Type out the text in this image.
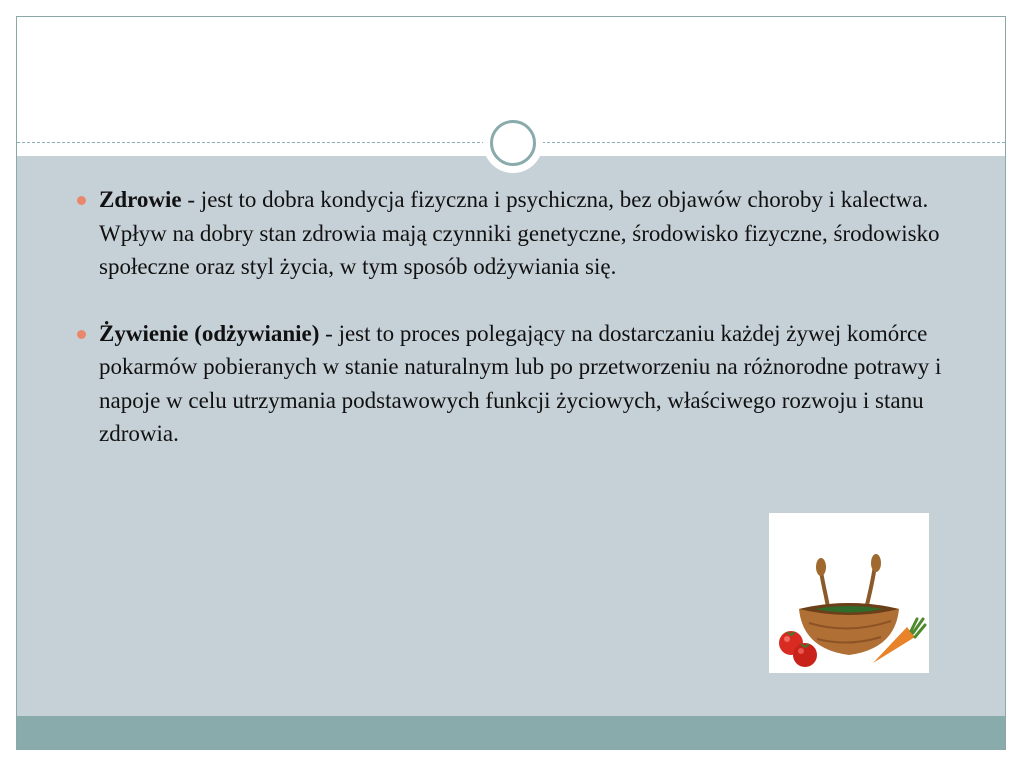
Zdrowie - jest to dobra kondycja fizyczna i psychiczna, bez objawów choroby i kalectwa. Wpływ na dobry stan zdrowia mają czynniki genetyczne, środowisko fizyczne, środowisko społeczne oraz styl życia, w tym sposób odżywiania się.
Żywienie (odżywianie) - jest to proces polegający na dostarczaniu każdej żywej komórce pokarmów pobieranych w stanie naturalnym lub po przetworzeniu na różnorodne potrawy i napoje w celu utrzymania podstawowych funkcji życiowych, właściwego rozwoju i stanu zdrowia.
